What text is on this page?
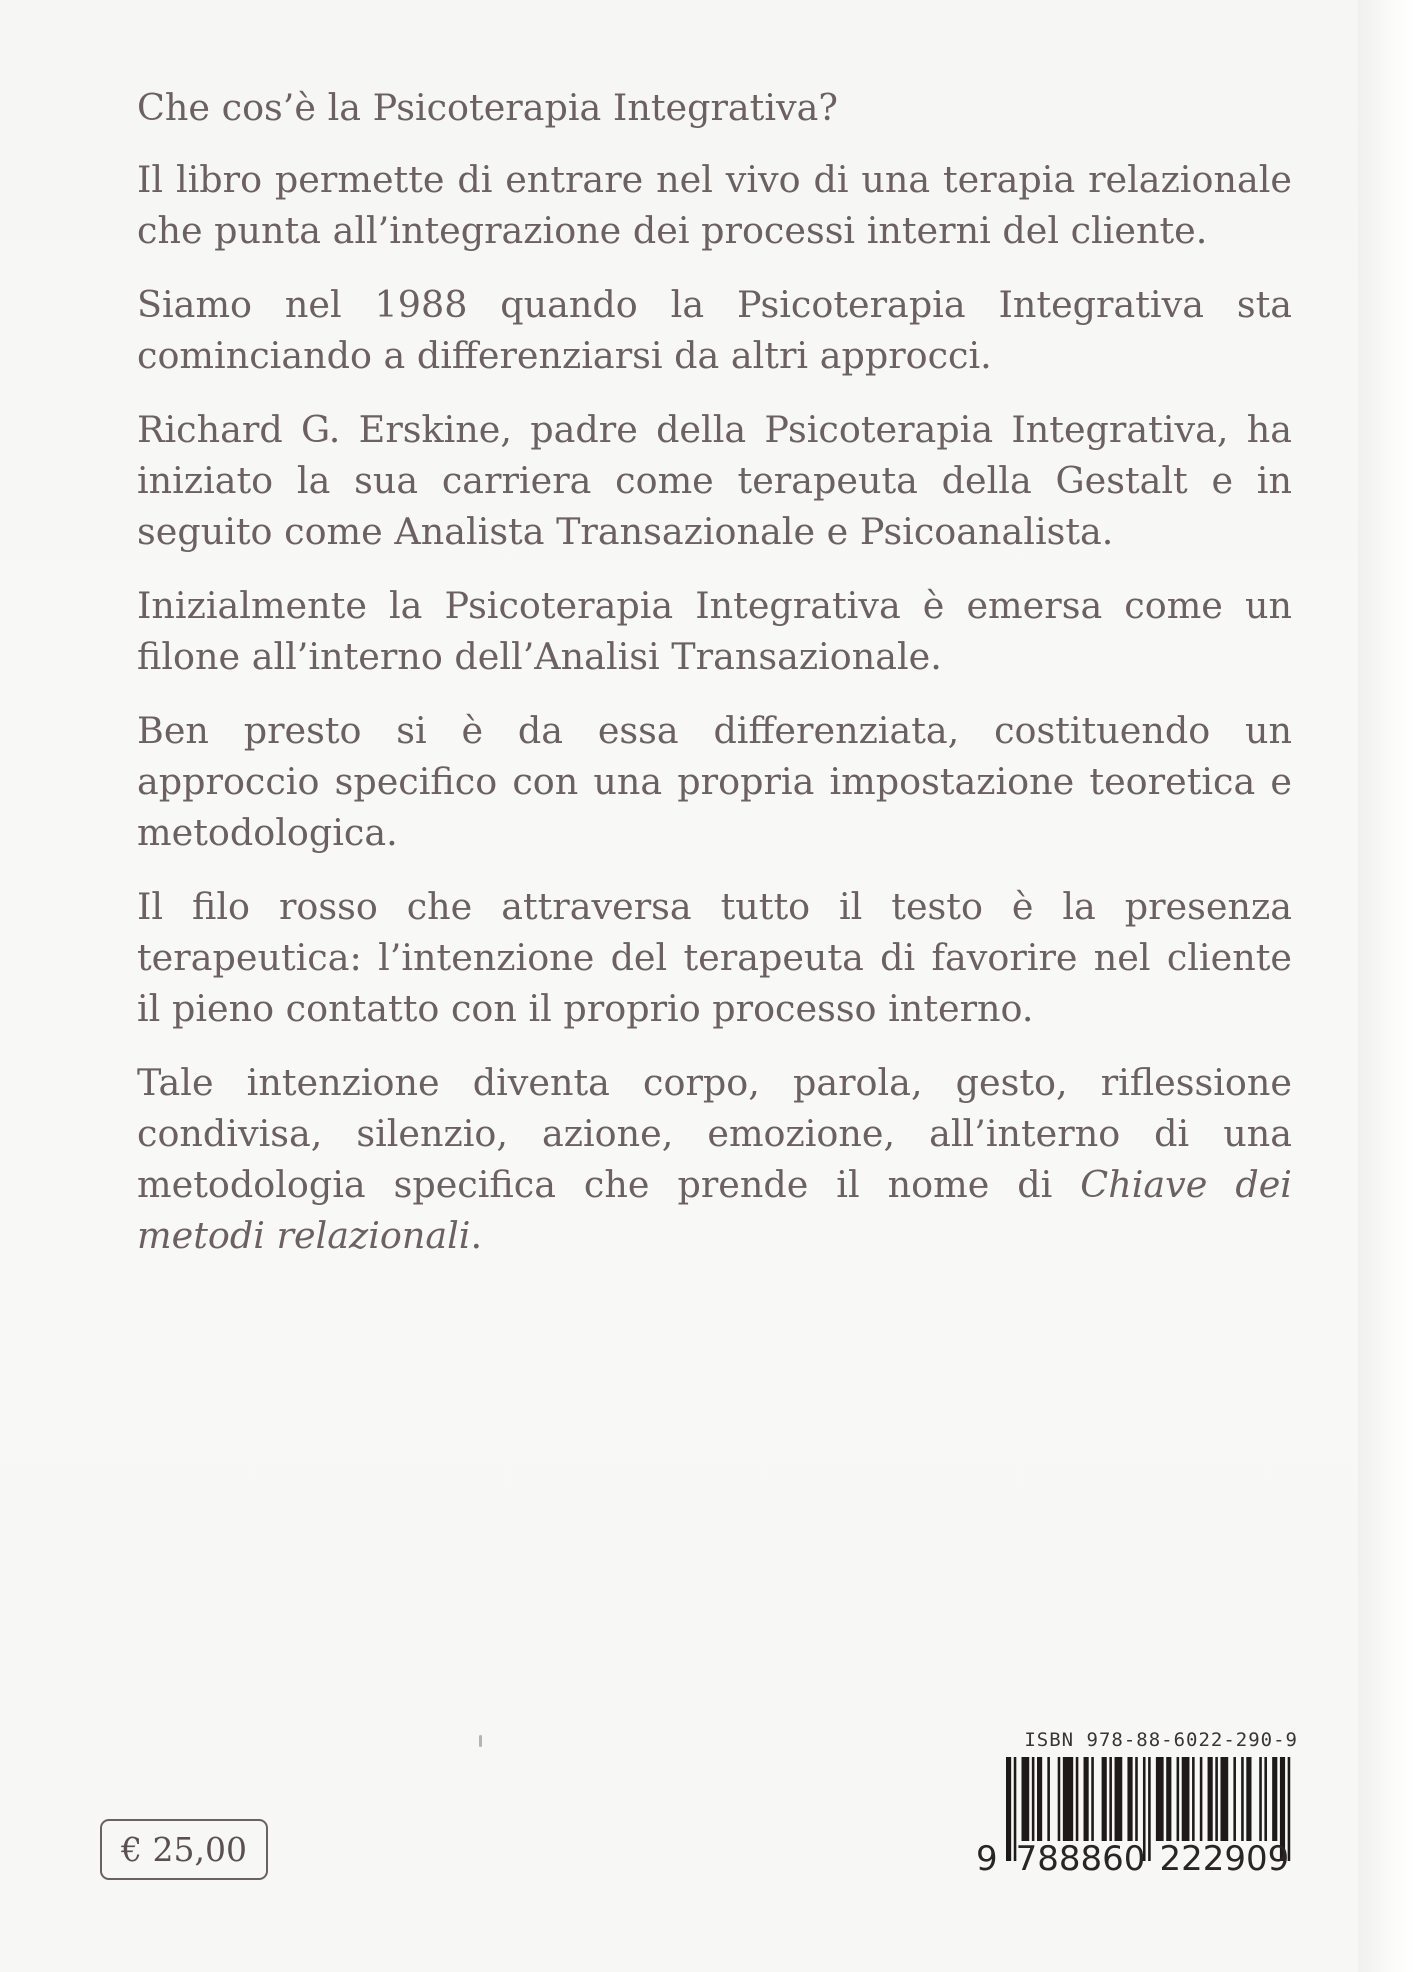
Che cos’è la Psicoterapia Integrativa?

Il libro permette di entrare nel vivo di una terapia relazionale che punta all’integrazione dei processi interni del cliente.

Siamo nel 1988 quando la Psicoterapia Integrativa sta cominciando a differenziarsi da altri approcci.

Richard G. Erskine, padre della Psicoterapia Integrativa, ha iniziato la sua carriera come terapeuta della Gestalt e in seguito come Analista Transazionale e Psicoanalista.

Inizialmente la Psicoterapia Integrativa è emersa come un filone all’interno dell’Analisi Transazionale.

Ben presto si è da essa differenziata, costituendo un approccio specifico con una propria impostazione teoretica e metodologica.

Il filo rosso che attraversa tutto il testo è la presenza terapeutica: l’intenzione del terapeuta di favorire nel cliente il pieno contatto con il proprio processo interno.

Tale intenzione diventa corpo, parola, gesto, riflessione condivisa, silenzio, azione, emozione, all’interno di una metodologia specifica che prende il nome di Chiave dei metodi relazionali.

€ 25,00
ISBN 978-88-6022-290-9
9 788860 222909
